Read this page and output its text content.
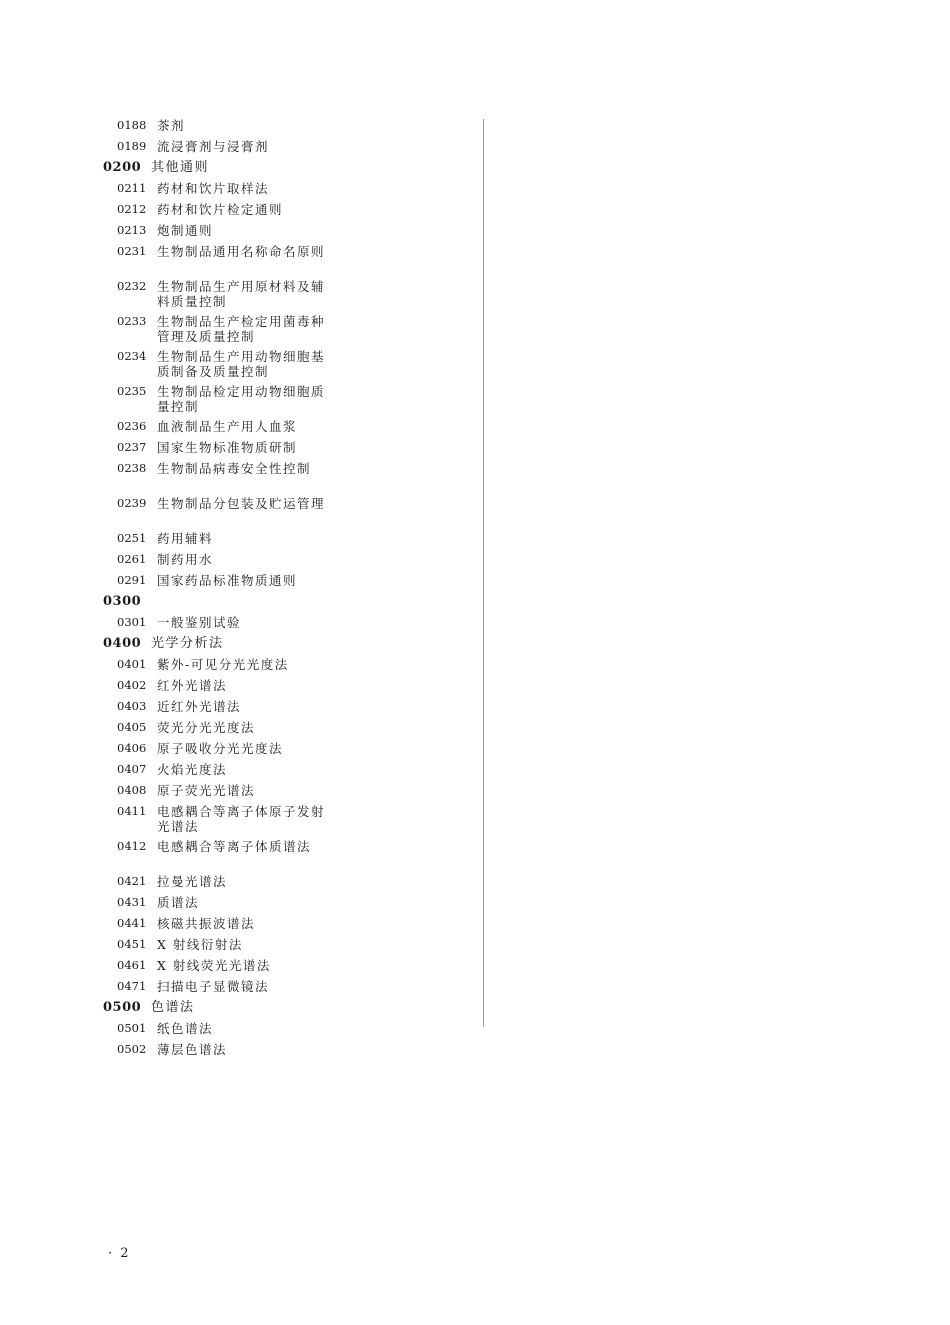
0188 茶剂
0189 流浸膏剂与浸膏剂
0200 其他通则
0211 药材和饮片取样法
0212 药材和饮片检定通则
0213 炮制通则
0231 生物制品通用名称命名原则
0232 生物制品生产用原材料及辅料质量控制
0233 生物制品生产检定用菌毒种管理及质量控制
0234 生物制品生产用动物细胞基质制备及质量控制
0235 生物制品检定用动物细胞质量控制
0236 血液制品生产用人血浆
0237 国家生物标准物质研制
0238 生物制品病毒安全性控制
0239 生物制品分包装及贮运管理
0251 药用辅料
0261 制药用水
0291 国家药品标准物质通则
0300
0301 一般鉴别试验
0400 光学分析法
0401 紫外-可见分光光度法
0402 红外光谱法
0403 近红外光谱法
0405 荧光分光光度法
0406 原子吸收分光光度法
0407 火焰光度法
0408 原子荧光光谱法
0411 电感耦合等离子体原子发射光谱法
0412 电感耦合等离子体质谱法
0421 拉曼光谱法
0431 质谱法
0441 核磁共振波谱法
0451 X 射线衍射法
0461 X 射线荧光光谱法
0471 扫描电子显微镜法
0500 色谱法
0501 纸色谱法
0502 薄层色谱法
· 2
